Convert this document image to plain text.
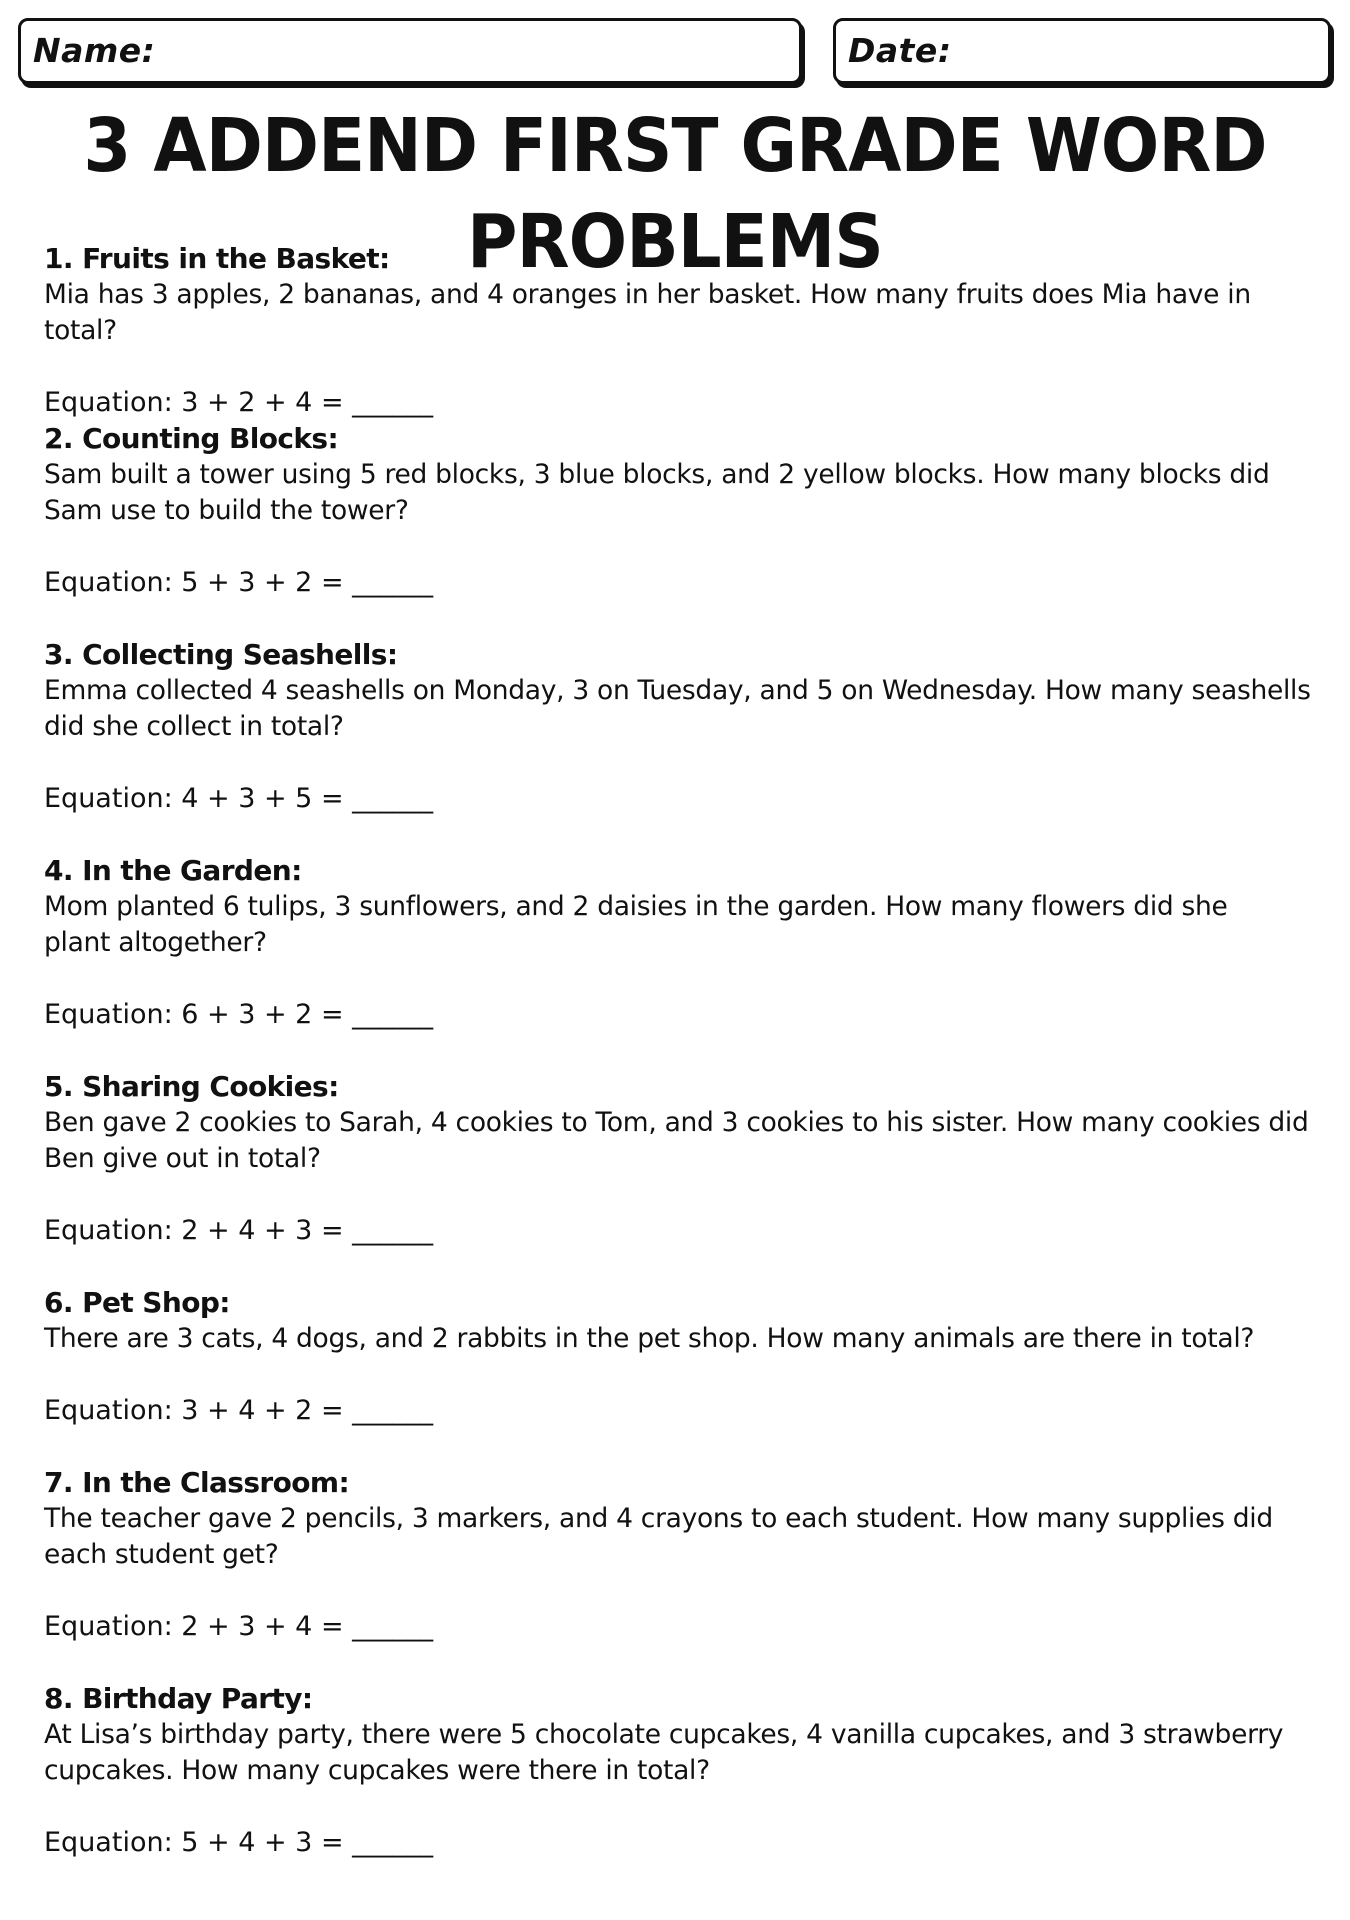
Name:	Date:
3 ADDEND FIRST GRADE WORD PROBLEMS

1. Fruits in the Basket:

Mia has 3 apples, 2 bananas, and 4 oranges in her basket. How many fruits does Mia have in total?

Equation: 3 + 2 + 4 = ______

2. Counting Blocks:

Sam built a tower using 5 red blocks, 3 blue blocks, and 2 yellow blocks. How many blocks did Sam use to build the tower?

Equation: 5 + 3 + 2 = ______

3. Collecting Seashells:

Emma collected 4 seashells on Monday, 3 on Tuesday, and 5 on Wednesday. How many seashells did she collect in total?

Equation: 4 + 3 + 5 = ______

4. In the Garden:

Mom planted 6 tulips, 3 sunflowers, and 2 daisies in the garden. How many flowers did she plant altogether?

Equation: 6 + 3 + 2 = ______

5. Sharing Cookies:

Ben gave 2 cookies to Sarah, 4 cookies to Tom, and 3 cookies to his sister. How many cookies did Ben give out in total?

Equation: 2 + 4 + 3 = ______

6. Pet Shop:

There are 3 cats, 4 dogs, and 2 rabbits in the pet shop. How many animals are there in total?

Equation: 3 + 4 + 2 = ______

7. In the Classroom:

The teacher gave 2 pencils, 3 markers, and 4 crayons to each student. How many supplies did each student get?

Equation: 2 + 3 + 4 = ______

8. Birthday Party:

At Lisa’s birthday party, there were 5 chocolate cupcakes, 4 vanilla cupcakes, and 3 strawberry cupcakes. How many cupcakes were there in total?

Equation: 5 + 4 + 3 = ______
